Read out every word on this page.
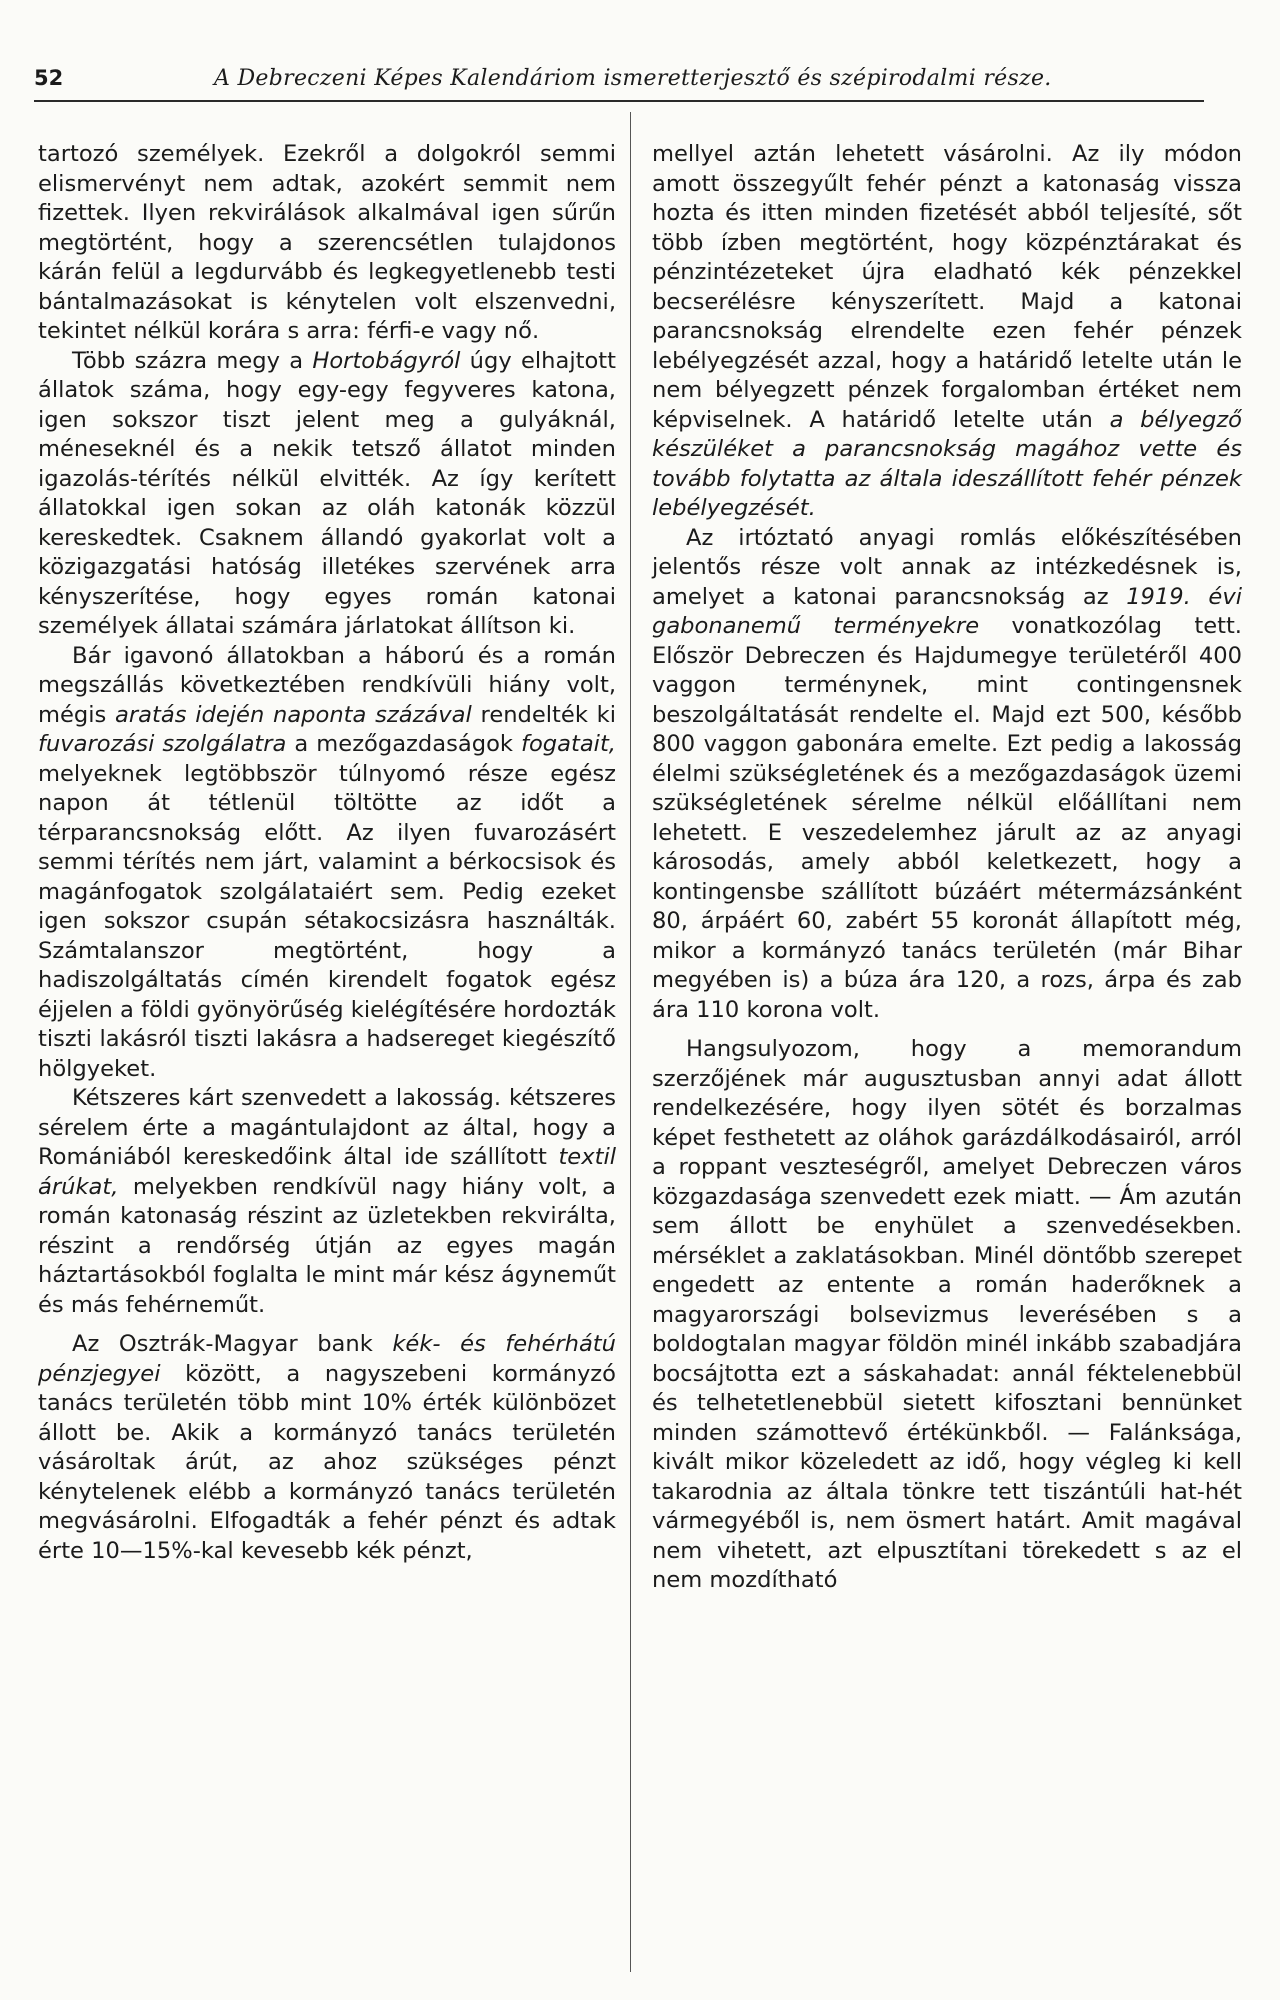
52	A Debreczeni Képes Kalendáriom ismeretterjesztő és szépirodalmi része.

tartozó személyek. Ezekről a dolgokról semmi elismervényt nem adtak, azokért semmit nem fizettek. Ilyen rekvirálások alkalmával igen sűrűn megtörtént, hogy a szerencsétlen tulajdonos kárán felül a legdurvább és legkegyetlenebb testi bántalmazásokat is kénytelen volt elszenvedni, tekintet nélkül korára s arra: férfi-e vagy nő.

Több százra megy a Hortobágyról úgy elhajtott állatok száma, hogy egy-egy fegyveres katona, igen sokszor tiszt jelent meg a gulyáknál, méneseknél és a nekik tetsző állatot minden igazolás-térítés nélkül elvitték. Az így kerített állatokkal igen sokan az oláh katonák közzül kereskedtek. Csaknem állandó gyakorlat volt a közigazgatási hatóság illetékes szervének arra kényszerítése, hogy egyes román katonai személyek állatai számára járlatokat állítson ki.

Bár igavonó állatokban a háború és a román megszállás következtében rendkívüli hiány volt, mégis aratás idején naponta százával rendelték ki fuvarozási szolgálatra a mezőgazdaságok fogatait, melyeknek legtöbbször túlnyomó része egész napon át tétlenül töltötte az időt a térparancsnokság előtt. Az ilyen fuvarozásért semmi térítés nem járt, valamint a bérkocsisok és magánfogatok szolgálataiért sem. Pedig ezeket igen sokszor csupán sétakocsizásra használták. Számtalanszor megtörtént, hogy a hadiszolgáltatás címén kirendelt fogatok egész éjjelen a földi gyönyörűség kielégítésére hordozták tiszti lakásról tiszti lakásra a hadsereget kiegészítő hölgyeket.

Kétszeres kárt szenvedett a lakosság. kétszeres sérelem érte a magántulajdont az által, hogy a Romániából kereskedőink által ide szállított textil árúkat, melyekben rendkívül nagy hiány volt, a román katonaság részint az üzletekben rekvirálta, részint a rendőrség útján az egyes magán háztartásokból foglalta le mint már kész ágyneműt és más fehérneműt.

Az Osztrák-Magyar bank kék- és fehérhátú pénzjegyei között, a nagyszebeni kormányzó tanács területén több mint 10% érték különbözet állott be. Akik a kormányzó tanács területén vásároltak árút, az ahoz szükséges pénzt kénytelenek elébb a kormányzó tanács területén megvásárolni. Elfogadták a fehér pénzt és adtak érte 10—15%-kal kevesebb kék pénzt,

mellyel aztán lehetett vásárolni. Az ily módon amott összegyűlt fehér pénzt a katonaság vissza hozta és itten minden fizetését abból teljesíté, sőt több ízben megtörtént, hogy közpénztárakat és pénzintézeteket újra eladható kék pénzekkel becserélésre kényszerített. Majd a katonai parancsnokság elrendelte ezen fehér pénzek lebélyegzését azzal, hogy a határidő letelte után le nem bélyegzett pénzek forgalomban értéket nem képviselnek. A határidő letelte után a bélyegző készüléket a parancsnokság magához vette és tovább folytatta az általa ideszállított fehér pénzek lebélyegzését.

Az irtóztató anyagi romlás előkészítésében jelentős része volt annak az intézkedésnek is, amelyet a katonai parancsnokság az 1919. évi gabonanemű terményekre vonatkozólag tett. Először Debreczen és Hajdumegye területéről 400 vaggon terménynek, mint contingensnek beszolgáltatását rendelte el. Majd ezt 500, később 800 vaggon gabonára emelte. Ezt pedig a lakosság élelmi szükségletének és a mezőgazdaságok üzemi szükségletének sérelme nélkül előállítani nem lehetett. E veszedelemhez járult az az anyagi károsodás, amely abból keletkezett, hogy a kontingensbe szállított búzáért métermázsánként 80, árpáért 60, zabért 55 koronát állapított még, mikor a kormányzó tanács területén (már Bihar megyében is) a búza ára 120, a rozs, árpa és zab ára 110 korona volt.

Hangsulyozom, hogy a memorandum szerzőjének már augusztusban annyi adat állott rendelkezésére, hogy ilyen sötét és borzalmas képet festhetett az oláhok garázdálkodásairól, arról a roppant veszteségről, amelyet Debreczen város közgazdasága szenvedett ezek miatt. — Ám azután sem állott be enyhület a szenvedésekben. mérséklet a zaklatásokban. Minél döntőbb szerepet engedett az entente a román haderőknek a magyarországi bolsevizmus leverésében s a boldogtalan magyar földön minél inkább szabadjára bocsájtotta ezt a sáskahadat: annál féktelenebbül és telhetetlenebbül sietett kifosztani bennünket minden számottevő értékünkből. — Falánksága, kivált mikor közeledett az idő, hogy végleg ki kell takarodnia az általa tönkre tett tiszántúli hat-hét vármegyéből is, nem ösmert határt. Amit magával nem vihetett, azt elpusztítani törekedett s az el nem mozdítható
